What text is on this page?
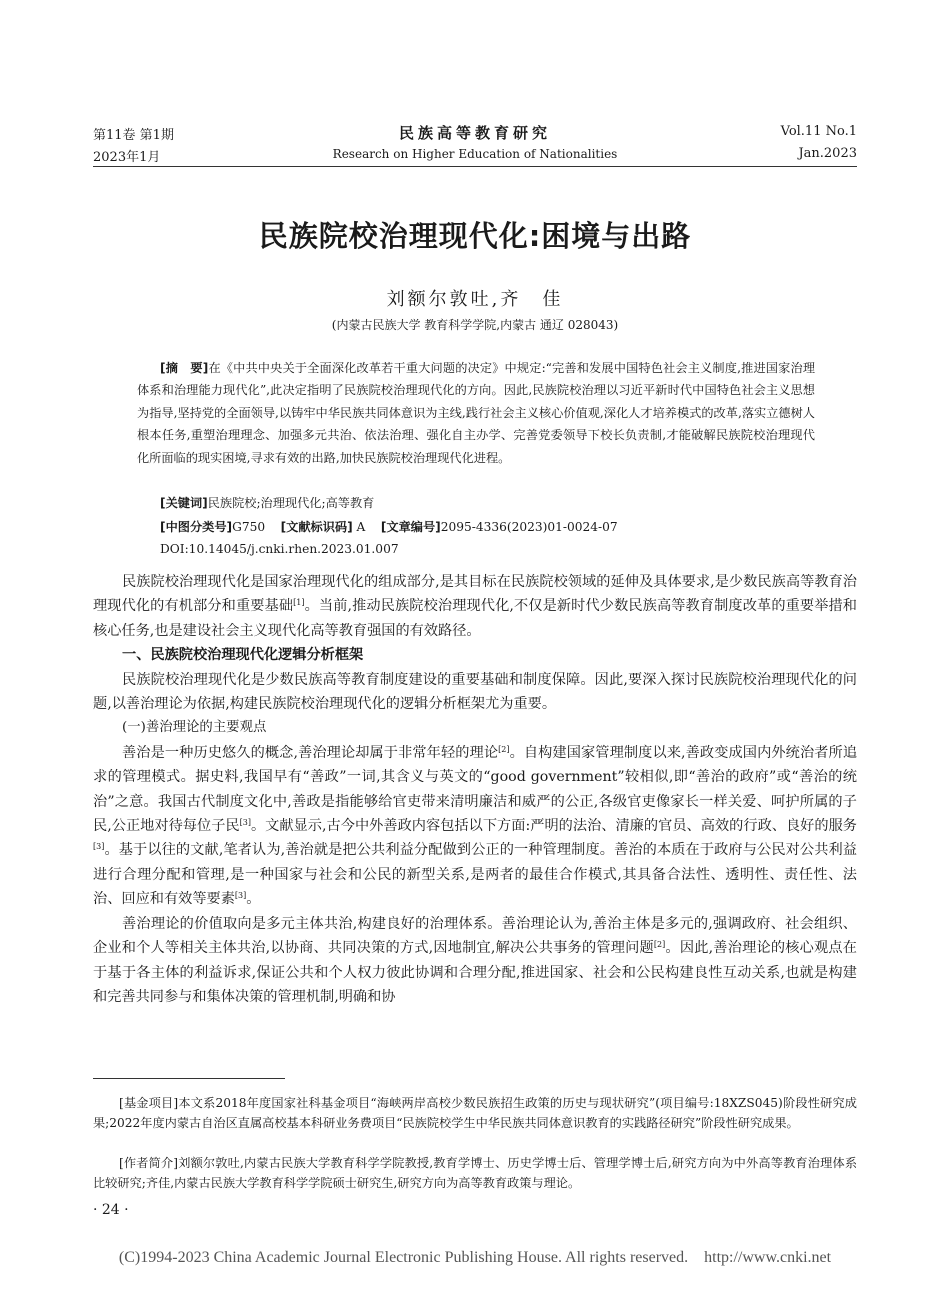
第11卷 第1期
2023年1月
民族高等教育研究
Research on Higher Education of Nationalities
Vol.11 No.1
Jan.2023
民族院校治理现代化:困境与出路
刘额尔敦吐,齐　佳
(内蒙古民族大学 教育科学学院,内蒙古 通辽 028043)

[摘　要]在《中共中央关于全面深化改革若干重大问题的决定》中规定:“完善和发展中国特色社会主义制度,推进国家治理体系和治理能力现代化”,此决定指明了民族院校治理现代化的方向。因此,民族院校治理以习近平新时代中国特色社会主义思想为指导,坚持党的全面领导,以铸牢中华民族共同体意识为主线,践行社会主义核心价值观,深化人才培养模式的改革,落实立德树人根本任务,重塑治理理念、加强多元共治、依法治理、强化自主办学、完善党委领导下校长负责制,才能破解民族院校治理现代化所面临的现实困境,寻求有效的出路,加快民族院校治理现代化进程。

[关键词]民族院校;治理现代化;高等教育
[中图分类号]G750 [文献标识码] A [文章编号]2095-4336(2023)01-0024-07
DOI:10.14045/j.cnki.rhen.2023.01.007

民族院校治理现代化是国家治理现代化的组成部分,是其目标在民族院校领域的延伸及具体要求,是少数民族高等教育治理现代化的有机部分和重要基础[1]。当前,推动民族院校治理现代化,不仅是新时代少数民族高等教育制度改革的重要举措和核心任务,也是建设社会主义现代化高等教育强国的有效路径。

一、民族院校治理现代化逻辑分析框架

民族院校治理现代化是少数民族高等教育制度建设的重要基础和制度保障。因此,要深入探讨民族院校治理现代化的问题,以善治理论为依据,构建民族院校治理现代化的逻辑分析框架尤为重要。

(一)善治理论的主要观点

善治是一种历史悠久的概念,善治理论却属于非常年轻的理论[2]。自构建国家管理制度以来,善政变成国内外统治者所追求的管理模式。据史料,我国早有“善政”一词,其含义与英文的“good government”较相似,即“善治的政府”或“善治的统治”之意。我国古代制度文化中,善政是指能够给官吏带来清明廉洁和威严的公正,各级官吏像家长一样关爱、呵护所属的子民,公正地对待每位子民[3]。文献显示,古今中外善政内容包括以下方面:严明的法治、清廉的官员、高效的行政、良好的服务[3]。基于以往的文献,笔者认为,善治就是把公共利益分配做到公正的一种管理制度。善治的本质在于政府与公民对公共利益进行合理分配和管理,是一种国家与社会和公民的新型关系,是两者的最佳合作模式,其具备合法性、透明性、责任性、法治、回应和有效等要素[3]。

善治理论的价值取向是多元主体共治,构建良好的治理体系。善治理论认为,善治主体是多元的,强调政府、社会组织、企业和个人等相关主体共治,以协商、共同决策的方式,因地制宜,解决公共事务的管理问题[2]。因此,善治理论的核心观点在于基于各主体的利益诉求,保证公共和个人权力彼此协调和合理分配,推进国家、社会和公民构建良性互动关系,也就是构建和完善共同参与和集体决策的管理机制,明确和协

[基金项目]本文系2018年度国家社科基金项目“海峡两岸高校少数民族招生政策的历史与现状研究”(项目编号:18XZS045)阶段性研究成果;2022年度内蒙古自治区直属高校基本科研业务费项目“民族院校学生中华民族共同体意识教育的实践路径研究”阶段性研究成果。

[作者简介]刘额尔敦吐,内蒙古民族大学教育科学学院教授,教育学博士、历史学博士后、管理学博士后,研究方向为中外高等教育治理体系比较研究;齐佳,内蒙古民族大学教育科学学院硕士研究生,研究方向为高等教育政策与理论。

· 24 ·
(C)1994-2023 China Academic Journal Electronic Publishing House. All rights reserved.    http://www.cnki.net
